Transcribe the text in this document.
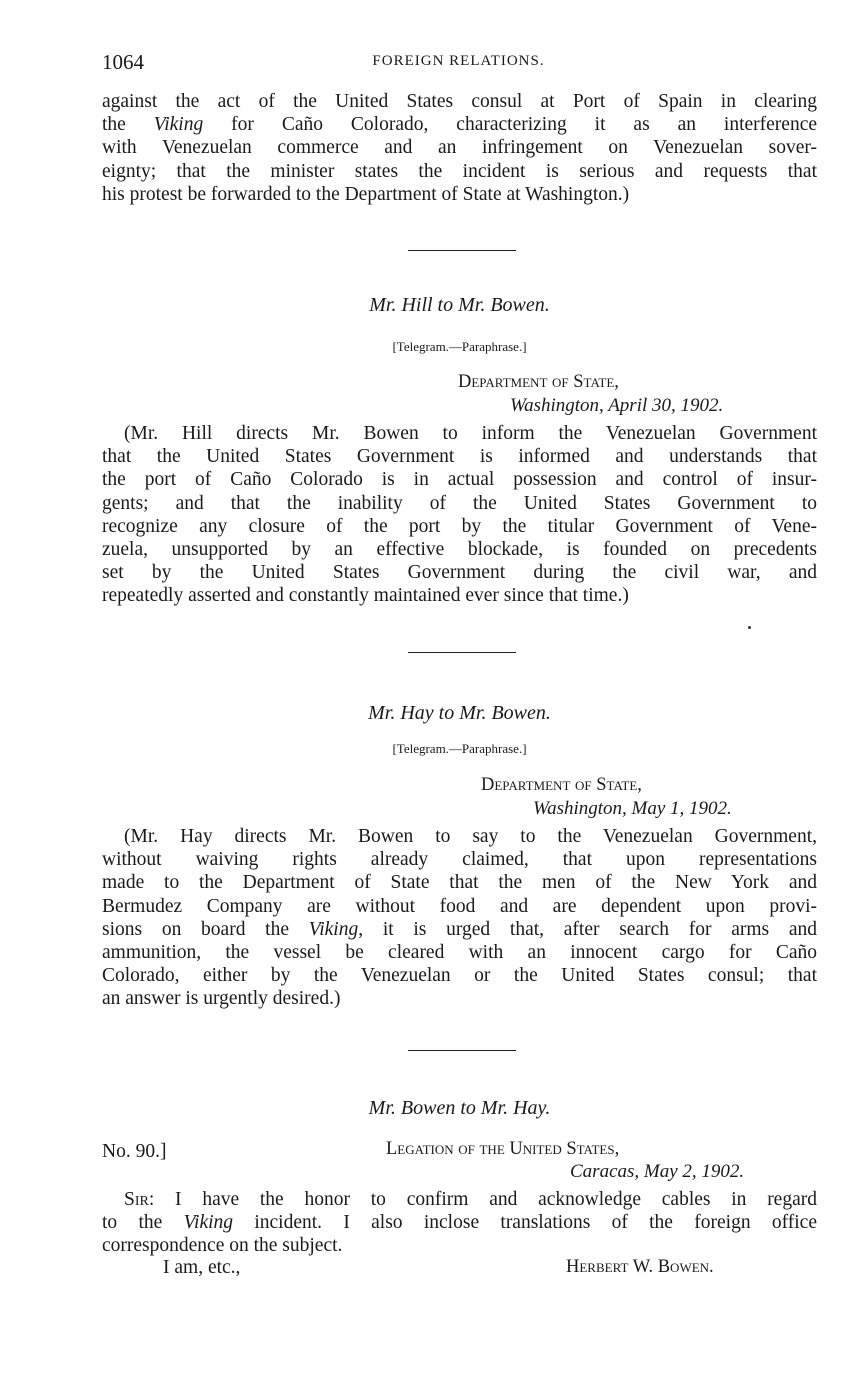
1064	FOREIGN RELATIONS.
against the act of the United States consul at Port of Spain in clearing
the Viking for Caño Colorado, characterizing it as an interference
with Venezuelan commerce and an infringement on Venezuelan sover-
eignty; that the minister states the incident is serious and requests that
his protest be forwarded to the Department of State at Washington.)
Mr. Hill to Mr. Bowen.
[Telegram.—Paraphrase.]
Department of State,
Washington, April 30, 1902.
(Mr. Hill directs Mr. Bowen to inform the Venezuelan Government
that the United States Government is informed and understands that
the port of Caño Colorado is in actual possession and control of insur-
gents; and that the inability of the United States Government to
recognize any closure of the port by the titular Government of Vene-
zuela, unsupported by an effective blockade, is founded on precedents
set by the United States Government during the civil war, and
repeatedly asserted and constantly maintained ever since that time.)
Mr. Hay to Mr. Bowen.
[Telegram.—Paraphrase.]
Department of State,
Washington, May 1, 1902.
(Mr. Hay directs Mr. Bowen to say to the Venezuelan Government,
without waiving rights already claimed, that upon representations
made to the Department of State that the men of the New York and
Bermudez Company are without food and are dependent upon provi-
sions on board the Viking, it is urged that, after search for arms and
ammunition, the vessel be cleared with an innocent cargo for Caño
Colorado, either by the Venezuelan or the United States consul; that
an answer is urgently desired.)
Mr. Bowen to Mr. Hay.
No. 90.]	Legation of the United States,
Caracas, May 2, 1902.
Sir: I have the honor to confirm and acknowledge cables in regard
to the Viking incident. I also inclose translations of the foreign office
correspondence on the subject.
I am, etc.,	Herbert W. Bowen.
